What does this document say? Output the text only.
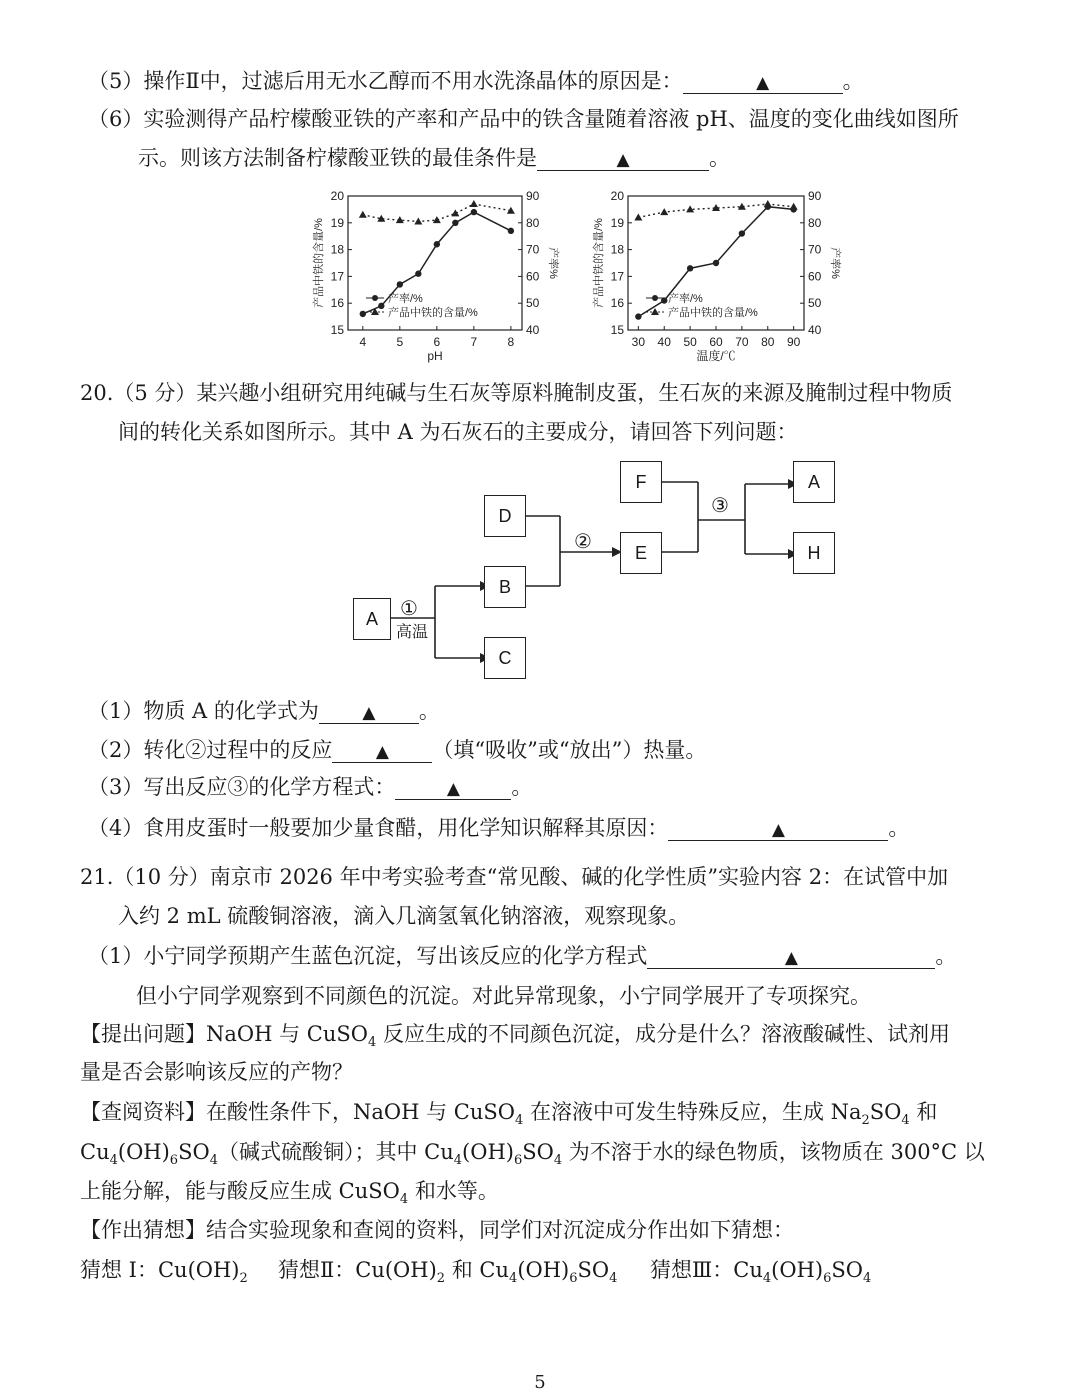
（5）操作Ⅱ中，过滤后用无水乙醇而不用水洗涤晶体的原因是：	▲	。
（6）实验测得产品柠檬酸亚铁的产率和产品中的铁含量随着溶液 pH、温度的变化曲线如图所
示。则该方法制备柠檬酸亚铁的最佳条件是	▲	。
15
16
17
18
19
20
40
50
60
70
80
90
4	5	6	7	8
pH
产品中铁的含量/%	产率%
产率/%
产品中铁的含量/%
15
16
17
18
19
20
40
50
60
70
80
90
30 40 50 60 70 80 90
温度/℃
产品中铁的含量/%	产率%
产率/%
产品中铁的含量/%
20.（5 分）某兴趣小组研究用纯碱与生石灰等原料腌制皮蛋，生石灰的来源及腌制过程中物质
间的转化关系如图所示。其中 A 为石灰石的主要成分，请回答下列问题：
A
B
C
D
E
F	A
H
①
高温
②
③
（1）物质 A 的化学式为	▲ 。
（2）转化②过程中的反应	▲ （填“吸收”或“放出”）热量。
（3）写出反应③的化学方程式：	▲ 。
（4）食用皮蛋时一般要加少量食醋，用化学知识解释其原因：	▲	。
21.（10 分）南京市 2026 年中考实验考查“常见酸、碱的化学性质”实验内容 2：在试管中加
入约 2 mL 硫酸铜溶液，滴入几滴氢氧化钠溶液，观察现象。
（1）小宁同学预期产生蓝色沉淀，写出该反应的化学方程式	▲	。
但小宁同学观察到不同颜色的沉淀。对此异常现象，小宁同学展开了专项探究。
【提出问题】NaOH 与 CuSO$_4$ 反应生成的不同颜色沉淀，成分是什么？溶液酸碱性、试剂用
量是否会影响该反应的产物？
【查阅资料】在酸性条件下，NaOH 与 CuSO$_4$ 在溶液中可发生特殊反应，生成 $Na_2SO_4$ 和
$Cu_4(OH)_6SO_4$（碱式硫酸铜）；其中 $Cu_4(OH)_6SO_4$ 为不溶于水的绿色物质，该物质在 300°C 以
上能分解，能与酸反应生成 CuSO$_4$ 和水等。
【作出猜想】结合实验现象和查阅的资料，同学们对沉淀成分作出如下猜想：
猜想 I：$Cu(OH)_2$ 猜想Ⅱ：$Cu(OH)_2$ 和 $Cu_4(OH)_6SO_4$ 猜想Ⅲ：$Cu_4(OH)_6SO_4$
5
